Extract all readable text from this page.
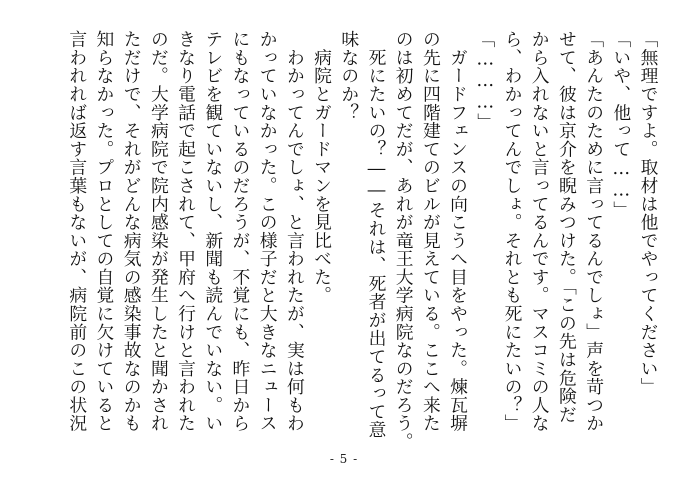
「無理ですよ。取材は他でやってください」
「いや、他って……」
「あんたのために言ってるんでしょ」声を苛つか
せて、彼は京介を睨みつけた。「この先は危険だ
から入れないと言ってるんです。マスコミの人な
ら、わかってんでしょ。それとも死にたいの？」
「………」
　ガードフェンスの向こうへ目をやった。煉瓦塀
の先に四階建てのビルが見えている。ここへ来た
のは初めてだが、あれが竜王大学病院なのだろう。
　死にたいの？――それは、死者が出てるって意
味なのか？
　病院とガードマンを見比べた。
　わかってんでしょ、と言われたが、実は何もわ
かっていなかった。この様子だと大きなニュース
にもなっているのだろうが、不覚にも、昨日から
テレビを観ていないし、新聞も読んでいない。い
きなり電話で起こされて、甲府へ行けと言われた
のだ。大学病院で院内感染が発生したと聞かされ
ただけで、それがどんな病気の感染事故なのかも
知らなかった。プロとしての自覚に欠けていると
言われれば返す言葉もないが、病院前のこの状況
- 5 -
